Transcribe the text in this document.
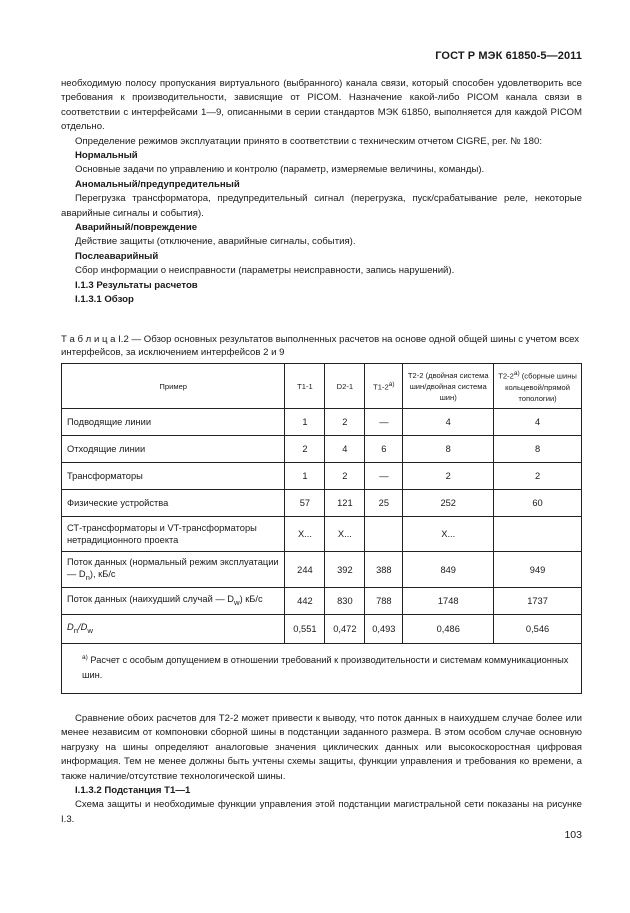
ГОСТ Р МЭК 61850-5—2011

необходимую полосу пропускания виртуального (выбранного) канала связи, который способен удовлетворить все требования к производительности, зависящие от PICOM. Назначение какой-либо PICOM канала связи в соответствии с интерфейсами 1—9, описанными в серии стандартов МЭК 61850, выполняется для каждой PICOM отдельно.

Определение режимов эксплуатации принято в соответствии с техническим отчетом CIGRE, рег. № 180:

Нормальный

Основные задачи по управлению и контролю (параметр, измеряемые величины, команды).

Аномальный/предупредительный

Перегрузка трансформатора, предупредительный сигнал (перегрузка, пуск/срабатывание реле, некоторые аварийные сигналы и события).

Аварийный/повреждение

Действие защиты (отключение, аварийные сигналы, события).

Послеаварийный

Сбор информации о неисправности (параметры неисправности, запись нарушений).

I.1.3 Результаты расчетов

I.1.3.1 Обзор

Т а б л и ц а I.2 — Обзор основных результатов выполненных расчетов на основе одной общей шины с учетом всех интерфейсов, за исключением интерфейсов 2 и 9
Пример	Т1-1	D2-1	Т1-2$^{a)}$	Т2-2 (двойная система шин/двойная система шин)	Т2-2$^{a)}$ (сборные шины кольцевой/прямой топологии)
Подводящие линии	1	2	—	4	4
Отходящие линии	2	4	6	8	8
Трансформаторы	1	2	—	2	2
Физические устройства	57	121	25	252	60
СТ-трансформаторы и VT-трансформаторы нетрадиционного проекта	X...	X...		X...	
Поток данных (нормальный режим эксплуатации — $D_n$), кБ/с	244	392	388	849	949
Поток данных (наихудший случай — $D_w$) кБ/с	442	830	788	1748	1737
$D_n/D_w$	0,551	0,472	0,493	0,486	0,546
$^{a)}$ Расчет с особым допущением в отношении требований к производительности и системам коммуникационных шин.					

Сравнение обоих расчетов для Т2-2 может привести к выводу, что поток данных в наихудшем случае более или менее независим от компоновки сборной шины в подстанции заданного размера. В этом особом случае основную нагрузку на шины определяют аналоговые значения циклических данных или высокоскоростная цифровая информация. Тем не менее должны быть учтены схемы защиты, функции управления и требования ко времени, а также наличие/отсутствие технологической шины.

I.1.3.2 Подстанция Т1—1

Схема защиты и необходимые функции управления этой подстанции магистральной сети показаны на рисунке I.3.

103
